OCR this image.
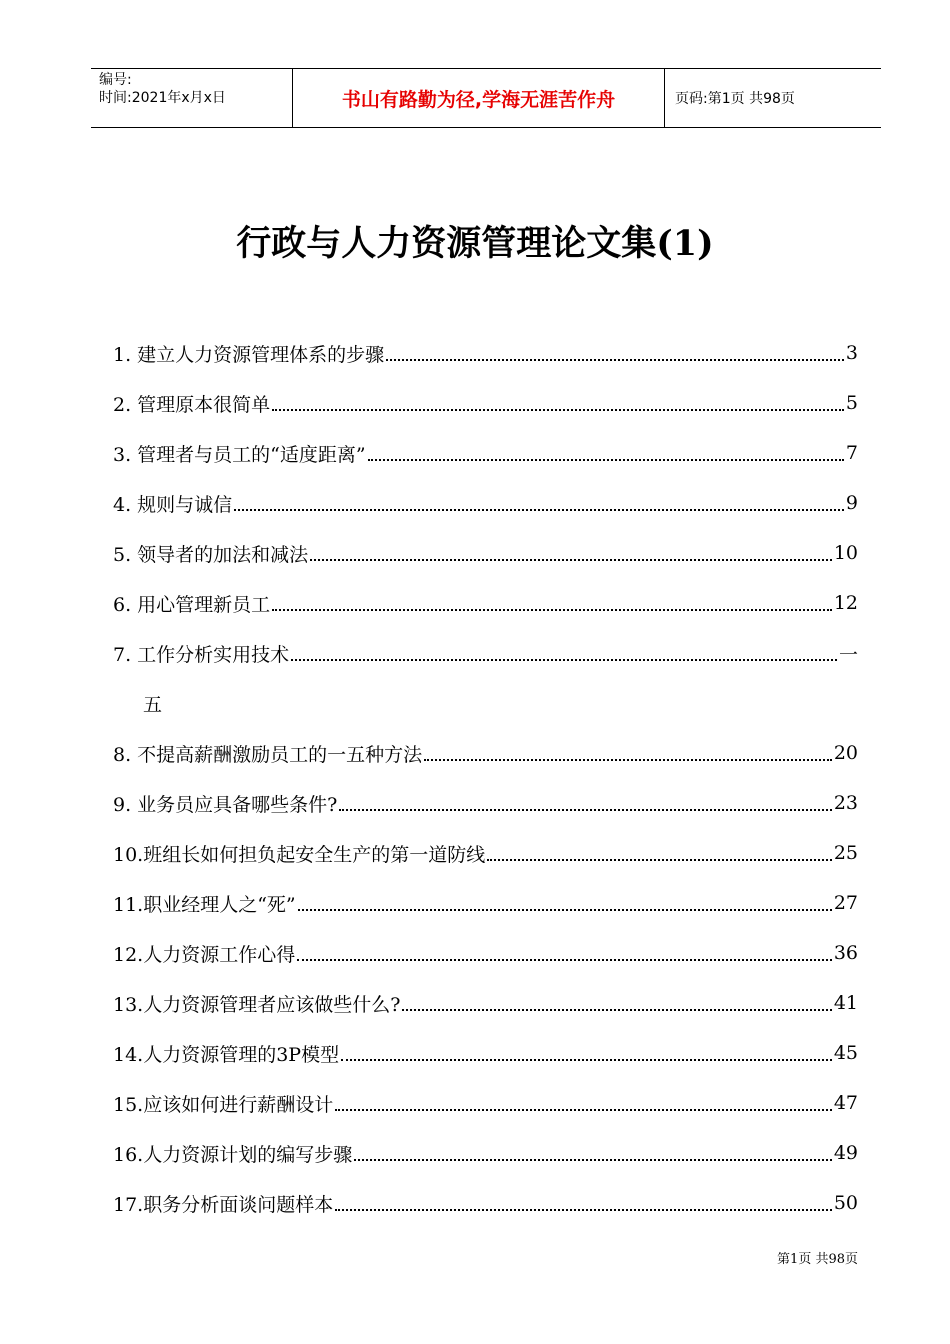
编号:
时间:2021年x月x日	书山有路勤为径,学海无涯苦作舟	页码:第1页 共98页
行政与人力资源管理论文集(1)
1. 建立人力资源管理体系的步骤	3
2. 管理原本很简单	5
3. 管理者与员工的“适度距离”	7
4. 规则与诚信	9
5. 领导者的加法和减法	10
6. 用心管理新员工	12
7. 工作分析实用技术	一
五
8. 不提高薪酬激励员工的一五种方法	20
9. 业务员应具备哪些条件?	23
10.班组长如何担负起安全生产的第一道防线	25
11.职业经理人之“死”	27
12.人力资源工作心得	36
13.人力资源管理者应该做些什么?	41
14.人力资源管理的3P模型	45
15.应该如何进行薪酬设计	47
16.人力资源计划的编写步骤	49
17.职务分析面谈问题样本	50
第1页 共98页
